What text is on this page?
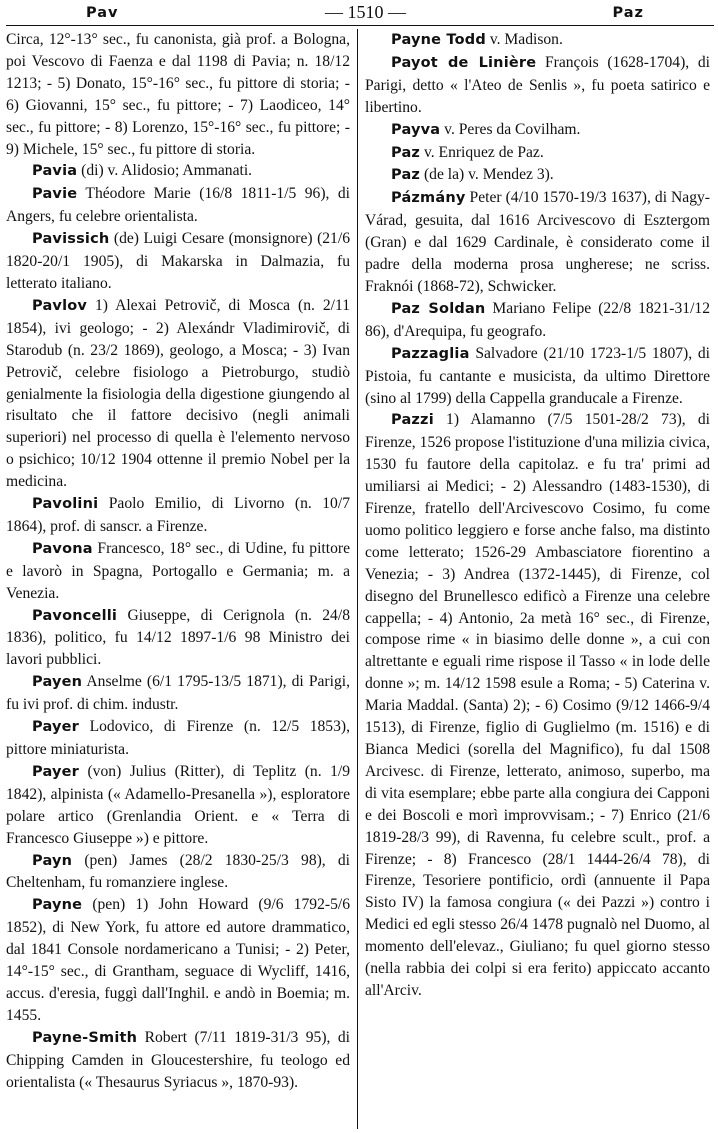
Pav	— 1510 —	Paz
Circa, 12°-13° sec., fu canonista, già prof. a Bologna, poi Vescovo di Faenza e dal 1198 di Pavia; n. 18/12 1213; - 5) Donato, 15°-16° sec., fu pittore di storia; - 6) Giovanni, 15° sec., fu pittore; - 7) Laodiceo, 14° sec., fu pittore; - 8) Lorenzo, 15°-16° sec., fu pittore; - 9) Michele, 15° sec., fu pittore di storia.
Pavia (di) v. Alidosio; Ammanati.
Pavie Théodore Marie (16/8 1811-1/5 96), di Angers, fu celebre orientalista.
Pavissich (de) Luigi Cesare (monsignore) (21/6 1820-20/1 1905), di Makarska in Dalmazia, fu letterato italiano.
Pavlov 1) Alexai Petrovič, di Mosca (n. 2/11 1854), ivi geologo; - 2) Alexándr Vladimirovič, di Starodub (n. 23/2 1869), geologo, a Mosca; - 3) Ivan Petrovič, celebre fisiologo a Pietroburgo, studiò genialmente la fisiologia della digestione giungendo al risultato che il fattore decisivo (negli animali superiori) nel processo di quella è l'elemento nervoso o psichico; 10/12 1904 ottenne il premio Nobel per la medicina.
Pavolini Paolo Emilio, di Livorno (n. 10/7 1864), prof. di sanscr. a Firenze.
Pavona Francesco, 18° sec., di Udine, fu pittore e lavorò in Spagna, Portogallo e Germania; m. a Venezia.
Pavoncelli Giuseppe, di Cerignola (n. 24/8 1836), politico, fu 14/12 1897-1/6 98 Ministro dei lavori pubblici.
Payen Anselme (6/1 1795-13/5 1871), di Parigi, fu ivi prof. di chim. industr.
Payer Lodovico, di Firenze (n. 12/5 1853), pittore miniaturista.
Payer (von) Julius (Ritter), di Teplitz (n. 1/9 1842), alpinista (« Adamello-Presanella »), esploratore polare artico (Grenlandia Orient. e « Terra di Francesco Giuseppe ») e pittore.
Payn (pen) James (28/2 1830-25/3 98), di Cheltenham, fu romanziere inglese.
Payne (pen) 1) John Howard (9/6 1792-5/6 1852), di New York, fu attore ed autore drammatico, dal 1841 Console nordamericano a Tunisi; - 2) Peter, 14°-15° sec., di Grantham, seguace di Wycliff, 1416, accus. d'eresia, fuggì dall'Inghil. e andò in Boemia; m. 1455.
Payne-Smith Robert (7/11 1819-31/3 95), di Chipping Camden in Gloucestershire, fu teologo ed orientalista (« Thesaurus Syriacus », 1870-93).
Payne Todd v. Madison.
Payot de Linière François (1628-1704), di Parigi, detto « l'Ateo de Senlis », fu poeta satirico e libertino.
Payva v. Peres da Covilham.
Paz v. Enriquez de Paz.
Paz (de la) v. Mendez 3).
Pázmány Peter (4/10 1570-19/3 1637), di Nagy-Várad, gesuita, dal 1616 Arcivescovo di Esztergom (Gran) e dal 1629 Cardinale, è considerato come il padre della moderna prosa ungherese; ne scriss. Fraknói (1868-72), Schwicker.
Paz Soldan Mariano Felipe (22/8 1821-31/12 86), d'Arequipa, fu geografo.
Pazzaglia Salvadore (21/10 1723-1/5 1807), di Pistoia, fu cantante e musicista, da ultimo Direttore (sino al 1799) della Cappella granducale a Firenze.
Pazzi 1) Alamanno (7/5 1501-28/2 73), di Firenze, 1526 propose l'istituzione d'una milizia civica, 1530 fu fautore della capitolaz. e fu tra' primi ad umiliarsi ai Medici; - 2) Alessandro (1483-1530), di Firenze, fratello dell'Arcivescovo Cosimo, fu come uomo politico leggiero e forse anche falso, ma distinto come letterato; 1526-29 Ambasciatore fiorentino a Venezia; - 3) Andrea (1372-1445), di Firenze, col disegno del Brunellesco edificò a Firenze una celebre cappella; - 4) Antonio, 2a metà 16° sec., di Firenze, compose rime « in biasimo delle donne », a cui con altrettante e eguali rime rispose il Tasso « in lode delle donne »; m. 14/12 1598 esule a Roma; - 5) Caterina v. Maria Maddal. (Santa) 2); - 6) Cosimo (9/12 1466-9/4 1513), di Firenze, figlio di Guglielmo (m. 1516) e di Bianca Medici (sorella del Magnifico), fu dal 1508 Arcivesc. di Firenze, letterato, animoso, superbo, ma di vita esemplare; ebbe parte alla congiura dei Capponi e dei Boscoli e morì improvvisam.; - 7) Enrico (21/6 1819-28/3 99), di Ravenna, fu celebre scult., prof. a Firenze; - 8) Francesco (28/1 1444-26/4 78), di Firenze, Tesoriere pontificio, ordì (annuente il Papa Sisto IV) la famosa congiura (« dei Pazzi ») contro i Medici ed egli stesso 26/4 1478 pugnalò nel Duomo, al momento dell'elevaz., Giuliano; fu quel giorno stesso (nella rabbia dei colpi si era ferito) appiccato accanto all'Arciv.
